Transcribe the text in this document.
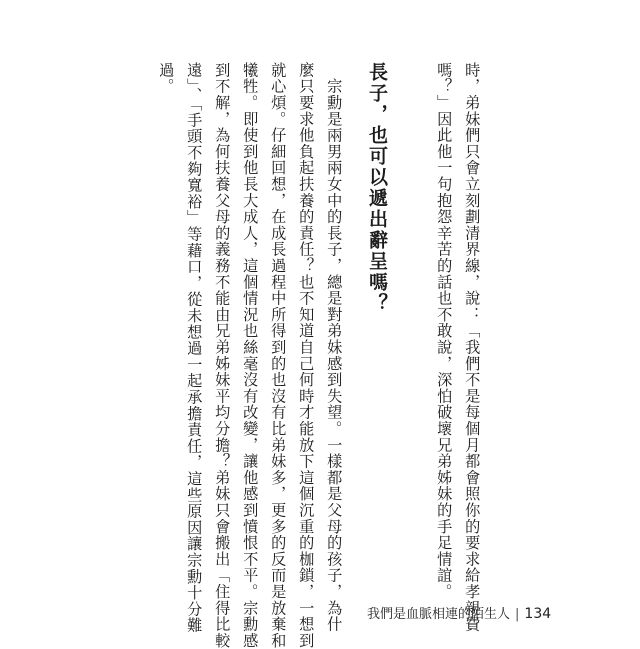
時，弟妹們只會立刻劃清界線，說：「我們不是每個月都會照你的要求給孝親費
嗎？」因此他一句抱怨辛苦的話也不敢說，深怕破壞兄弟姊妹的手足情誼。
長子，也可以遞出辭呈嗎？
　宗勳是兩男兩女中的長子，總是對弟妹感到失望。一樣都是父母的孩子，為什
麼只要求他負起扶養的責任？也不知道自己何時才能放下這個沉重的枷鎖，一想到
就心煩。仔細回想，在成長過程中所得到的也沒有比弟妹多，更多的反而是放棄和
犧牲。即使到他長大成人，這個情況也絲毫沒有改變，讓他感到憤恨不平。宗勳感
到不解，為何扶養父母的義務不能由兄弟姊妹平均分擔？弟妹只會搬出「住得比較
遠」、「手頭不夠寬裕」等藉口，從未想過一起承擔責任，這些原因讓宗勳十分難
過。
我們是血脈相連的陌生人 | 134
